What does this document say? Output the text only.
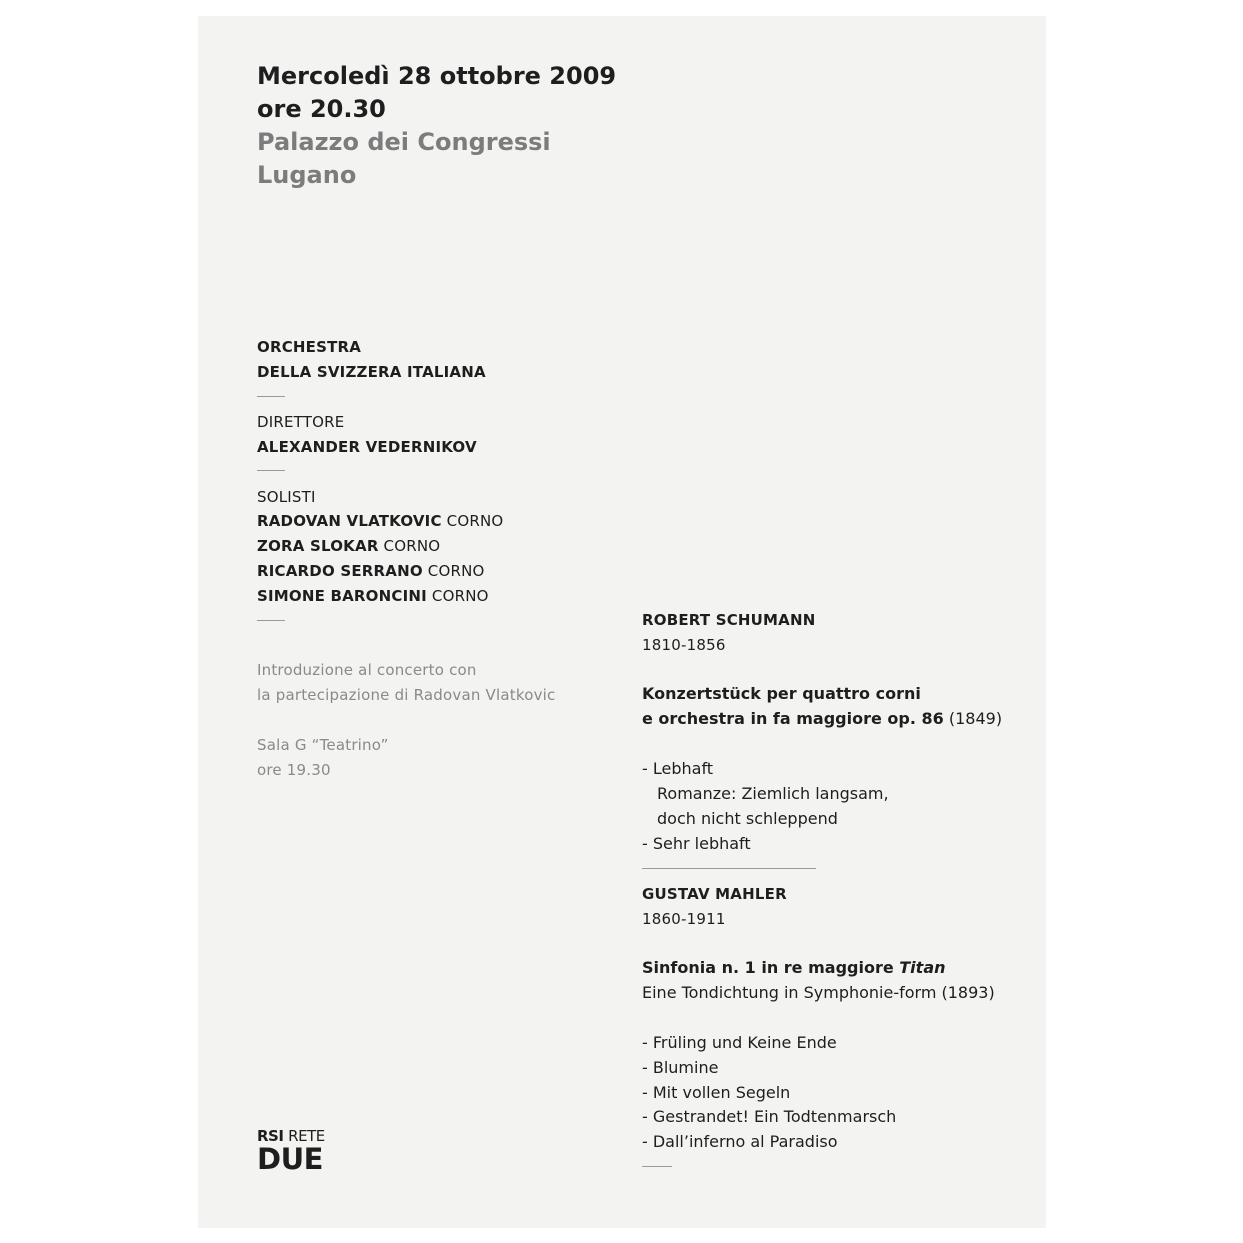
Mercoledì 28 ottobre 2009
ore 20.30
Palazzo dei Congressi
Lugano
ORCHESTRA
DELLA SVIZZERA ITALIANA
DIRETTORE
ALEXANDER VEDERNIKOV
SOLISTI
RADOVAN VLATKOVIC CORNO
ZORA SLOKAR CORNO
RICARDO SERRANO CORNO
SIMONE BARONCINI CORNO
Introduzione al concerto con
la partecipazione di Radovan Vlatkovic
Sala G “Teatrino”
ore 19.30
ROBERT SCHUMANN
1810-1856
Konzertstück per quattro corni
e orchestra in fa maggiore op. 86 (1849)
- Lebhaft
Romanze: Ziemlich langsam,
doch nicht schleppend
- Sehr lebhaft
GUSTAV MAHLER
1860-1911
Sinfonia n. 1 in re maggiore Titan
Eine Tondichtung in Symphonie-form (1893)
- Früling und Keine Ende
- Blumine
- Mit vollen Segeln
- Gestrandet! Ein Todtenmarsch
- Dall’inferno al Paradiso
RSI RETE
DUE
